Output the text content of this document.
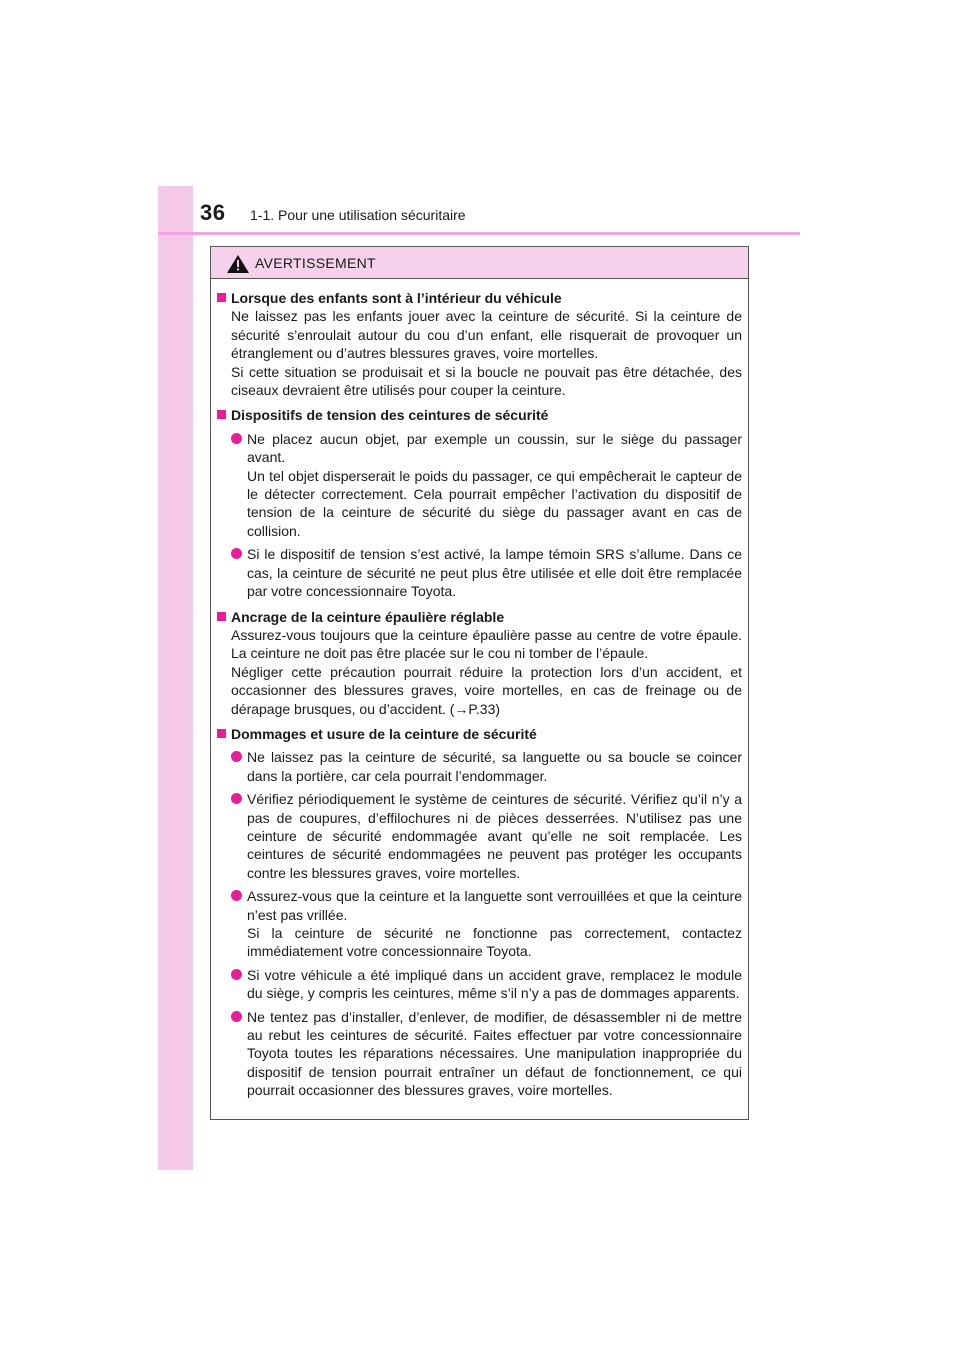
36 1-1. Pour une utilisation sécuritaire
AVERTISSEMENT
Lorsque des enfants sont à l’intérieur du véhicule
Ne laissez pas les enfants jouer avec la ceinture de sécurité. Si la ceinture de sécurité s’enroulait autour du cou d’un enfant, elle risquerait de provoquer un étranglement ou d’autres blessures graves, voire mortelles.
Si cette situation se produisait et si la boucle ne pouvait pas être détachée, des ciseaux devraient être utilisés pour couper la ceinture.
Dispositifs de tension des ceintures de sécurité
Ne placez aucun objet, par exemple un coussin, sur le siège du passager avant.
Un tel objet disperserait le poids du passager, ce qui empêcherait le capteur de le détecter correctement. Cela pourrait empêcher l’activation du dispositif de tension de la ceinture de sécurité du siège du passager avant en cas de collision.
Si le dispositif de tension s’est activé, la lampe témoin SRS s’allume. Dans ce cas, la ceinture de sécurité ne peut plus être utilisée et elle doit être remplacée par votre concessionnaire Toyota.
Ancrage de la ceinture épaulière réglable
Assurez-vous toujours que la ceinture épaulière passe au centre de votre épaule. La ceinture ne doit pas être placée sur le cou ni tomber de l’épaule.
Négliger cette précaution pourrait réduire la protection lors d’un accident, et occasionner des blessures graves, voire mortelles, en cas de freinage ou de dérapage brusques, ou d’accident. (→P.33)
Dommages et usure de la ceinture de sécurité
Ne laissez pas la ceinture de sécurité, sa languette ou sa boucle se coincer dans la portière, car cela pourrait l’endommager.
Vérifiez périodiquement le système de ceintures de sécurité. Vérifiez qu’il n’y a pas de coupures, d’effilochures ni de pièces desserrées. N’utilisez pas une ceinture de sécurité endommagée avant qu’elle ne soit remplacée. Les ceintures de sécurité endommagées ne peuvent pas protéger les occupants contre les blessures graves, voire mortelles.
Assurez-vous que la ceinture et la languette sont verrouillées et que la ceinture n’est pas vrillée.
Si la ceinture de sécurité ne fonctionne pas correctement, contactez immédiatement votre concessionnaire Toyota.
Si votre véhicule a été impliqué dans un accident grave, remplacez le module du siège, y compris les ceintures, même s’il n’y a pas de dommages apparents.
Ne tentez pas d’installer, d’enlever, de modifier, de désassembler ni de mettre au rebut les ceintures de sécurité. Faites effectuer par votre concessionnaire Toyota toutes les réparations nécessaires. Une manipulation inappropriée du dispositif de tension pourrait entraîner un défaut de fonctionnement, ce qui pourrait occasionner des blessures graves, voire mortelles.
